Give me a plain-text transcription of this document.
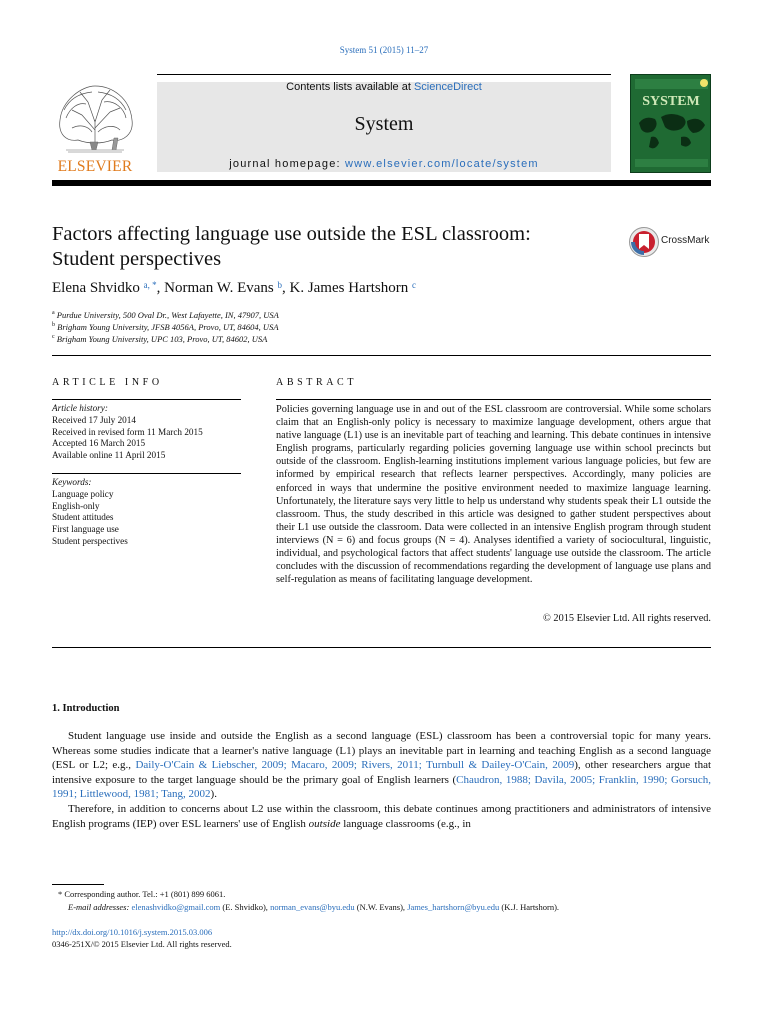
System 51 (2015) 11–27
Contents lists available at ScienceDirect
System
journal homepage: www.elsevier.com/locate/system
ELSEVIER
SYSTEM
Factors affecting language use outside the ESL classroom:
Student perspectives
CrossMark
Elena Shvidko $^{a, *}$, Norman W. Evans $^b$, K. James Hartshorn $^c$
$^a$ Purdue University, 500 Oval Dr., West Lafayette, IN, 47907, USA
$^b$ Brigham Young University, JFSB 4056A, Provo, UT, 84604, USA
$^c$ Brigham Young University, UPC 103, Provo, UT, 84602, USA
ARTICLE INFO
Article history:
Received 17 July 2014
Received in revised form 11 March 2015
Accepted 16 March 2015
Available online 11 April 2015
Keywords:
Language policy
English-only
Student attitudes
First language use
Student perspectives
ABSTRACT
Policies governing language use in and out of the ESL classroom are controversial. While some scholars claim that an English-only policy is necessary to maximize language development, others argue that native language (L1) use is an inevitable part of teaching and learning. This debate continues in intensive English programs, particularly regarding policies governing language use within school precincts but outside of the classroom. English-learning institutions implement various language policies, but few are informed by empirical research that reflects learner perspectives. Accordingly, many policies are enforced in ways that undermine the positive environment needed to maximize language learning. Unfortunately, the literature says very little to help us understand why students speak their L1 outside the classroom. Thus, the study described in this article was designed to gather student perspectives about their L1 use outside the classroom. Data were collected in an intensive English program through student interviews (N = 6) and focus groups (N = 4). Analyses identified a variety of sociocultural, linguistic, individual, and psychological factors that affect students' language use outside the classroom. The article concludes with the discussion of recommendations regarding the development of language use plans and self-regulation as means of facilitating language development.
© 2015 Elsevier Ltd. All rights reserved.
1. Introduction
Student language use inside and outside the English as a second language (ESL) classroom has been a controversial topic for many years. Whereas some studies indicate that a learner's native language (L1) plays an inevitable part in learning and teaching English as a second language (ESL or L2; e.g., Daily-O'Cain & Liebscher, 2009; Macaro, 2009; Rivers, 2011; Turnbull & Dailey-O'Cain, 2009), other researchers argue that intensive exposure to the target language should be the primary goal of English learners (Chaudron, 1988; Davila, 2005; Franklin, 1990; Gorsuch, 1991; Littlewood, 1981; Tang, 2002).
Therefore, in addition to concerns about L2 use within the classroom, this debate continues among practitioners and administrators of intensive English programs (IEP) over ESL learners' use of English outside language classrooms (e.g., in
* Corresponding author. Tel.: +1 (801) 899 6061.
E-mail addresses: elenashvidko@gmail.com (E. Shvidko), norman_evans@byu.edu (N.W. Evans), James_hartshorn@byu.edu (K.J. Hartshorn).
http://dx.doi.org/10.1016/j.system.2015.03.006
0346-251X/© 2015 Elsevier Ltd. All rights reserved.
